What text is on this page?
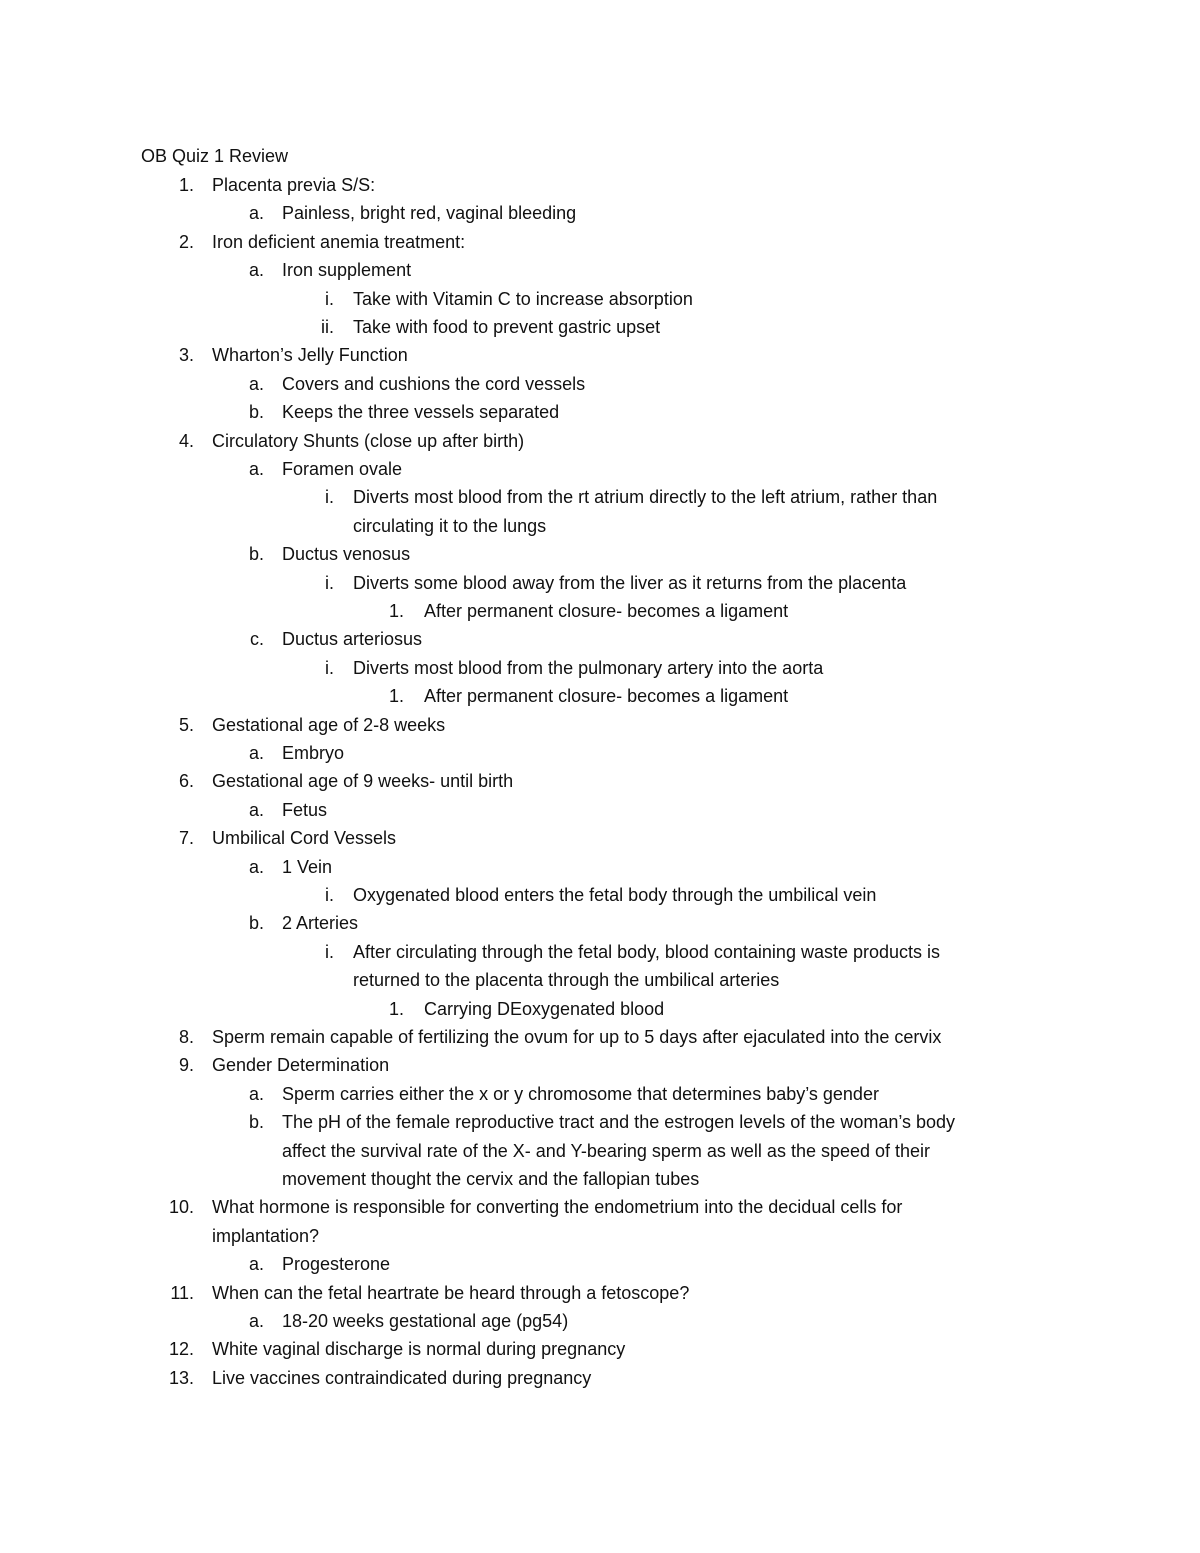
OB Quiz 1 Review
1. Placenta previa S/S:
a. Painless, bright red, vaginal bleeding
2. Iron deficient anemia treatment:
a. Iron supplement
i. Take with Vitamin C to increase absorption
ii. Take with food to prevent gastric upset
3. Wharton’s Jelly Function
a. Covers and cushions the cord vessels
b. Keeps the three vessels separated
4. Circulatory Shunts (close up after birth)
a. Foramen ovale
i. Diverts most blood from the rt atrium directly to the left atrium, rather than
circulating it to the lungs
b. Ductus venosus
i. Diverts some blood away from the liver as it returns from the placenta
1. After permanent closure- becomes a ligament
c. Ductus arteriosus
i. Diverts most blood from the pulmonary artery into the aorta
1. After permanent closure- becomes a ligament
5. Gestational age of 2-8 weeks
a. Embryo
6. Gestational age of 9 weeks- until birth
a. Fetus
7. Umbilical Cord Vessels
a. 1 Vein
i. Oxygenated blood enters the fetal body through the umbilical vein
b. 2 Arteries
i. After circulating through the fetal body, blood containing waste products is
returned to the placenta through the umbilical arteries
1. Carrying DEoxygenated blood
8. Sperm remain capable of fertilizing the ovum for up to 5 days after ejaculated into the cervix
9. Gender Determination
a. Sperm carries either the x or y chromosome that determines baby’s gender
b. The pH of the female reproductive tract and the estrogen levels of the woman’s body
affect the survival rate of the X- and Y-bearing sperm as well as the speed of their
movement thought the cervix and the fallopian tubes
10. What hormone is responsible for converting the endometrium into the decidual cells for
implantation?
a. Progesterone
11. When can the fetal heartrate be heard through a fetoscope?
a. 18-20 weeks gestational age (pg54)
12. White vaginal discharge is normal during pregnancy
13. Live vaccines contraindicated during pregnancy
